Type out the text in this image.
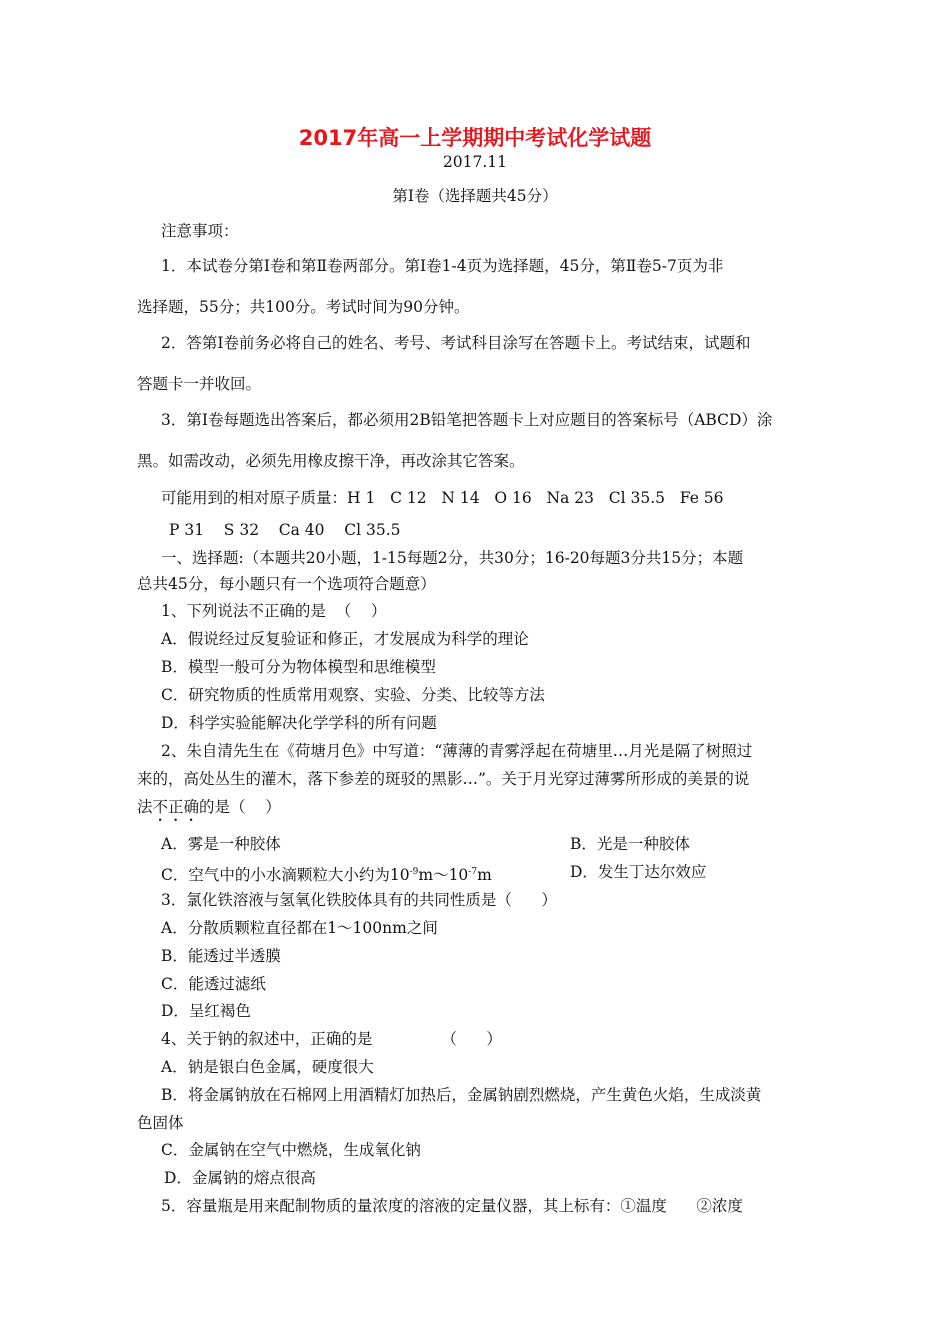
2017年高一上学期期中考试化学试题
2017.11
第Ⅰ卷（选择题共45分）
注意事项：
1．本试卷分第Ⅰ卷和第Ⅱ卷两部分。第Ⅰ卷1-4页为选择题，45分，第Ⅱ卷5-7页为非
选择题，55分；共100分。考试时间为90分钟。
2．答第Ⅰ卷前务必将自己的姓名、考号、考试科目涂写在答题卡上。考试结束，试题和
答题卡一并收回。
3．第Ⅰ卷每题选出答案后，都必须用2B铅笔把答题卡上对应题目的答案标号（ABCD）涂
黑。如需改动，必须先用橡皮擦干净，再改涂其它答案。
可能用到的相对原子质量：H 1   C 12   N 14   O 16   Na 23   Cl 35.5   Fe 56
P 31    S 32    Ca 40    Cl 35.5
一、选择题:（本题共20小题，1-15每题2分，共30分；16-20每题3分共15分；本题
总共45分，每小题只有一个选项符合题意）
1、下列说法不正确的是  （    ）
A．假说经过反复验证和修正，才发展成为科学的理论
B．模型一般可分为物体模型和思维模型
C．研究物质的性质常用观察、实验、分类、比较等方法
D．科学实验能解决化学学科的所有问题
2、朱自清先生在《荷塘月色》中写道：“薄薄的青雾浮起在荷塘里…月光是隔了树照过
来的，高处丛生的灌木，落下参差的斑驳的黑影…”。关于月光穿过薄雾所形成的美景的说
法不正确的是（    ）
A．雾是一种胶体	B．光是一种胶体
C．空气中的小水滴颗粒大小约为$10^{-9}m\sim 10^{-7}m$	D．发生丁达尔效应
3．氯化铁溶液与氢氧化铁胶体具有的共同性质是（      ）
A．分散质颗粒直径都在1～100nm之间
B．能透过半透膜
C．能透过滤纸
D．呈红褐色
4、关于钠的叙述中，正确的是              （      ）
A．钠是银白色金属，硬度很大
B．将金属钠放在石棉网上用酒精灯加热后，金属钠剧烈燃烧，产生黄色火焰，生成淡黄
色固体
C．金属钠在空气中燃烧，生成氧化钠
D．金属钠的熔点很高
5．容量瓶是用来配制物质的量浓度的溶液的定量仪器，其上标有：①温度      ②浓度
